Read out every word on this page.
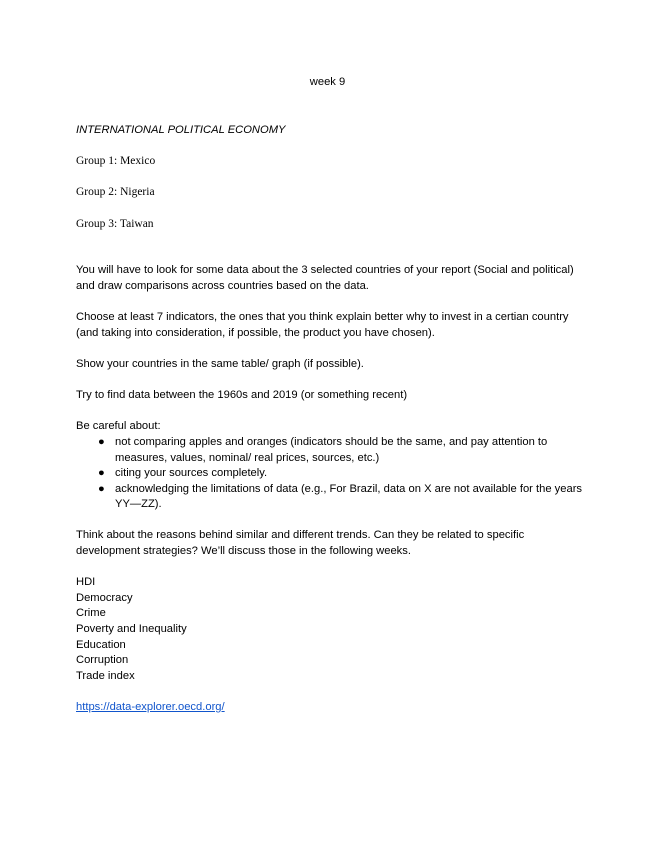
week 9
INTERNATIONAL POLITICAL ECONOMY
Group 1: Mexico
Group 2: Nigeria
Group 3: Taiwan

You will have to look for some data about the 3 selected countries of your report (Social and political) and draw comparisons across countries based on the data.

Choose at least 7 indicators, the ones that you think explain better why to invest in a certian country (and taking into consideration, if possible, the product you have chosen).

Show your countries in the same table/ graph (if possible).

Try to find data between the 1960s and 2019 (or something recent)

Be careful about:
● not comparing apples and oranges (indicators should be the same, and pay attention to measures, values, nominal/ real prices, sources, etc.)
● citing your sources completely.
● acknowledging the limitations of data (e.g., For Brazil, data on X are not available for the years YY—ZZ).

Think about the reasons behind similar and different trends. Can they be related to specific development strategies? We’ll discuss those in the following weeks.

HDI
Democracy
Crime
Poverty and Inequality
Education
Corruption
Trade index
https://data-explorer.oecd.org/
